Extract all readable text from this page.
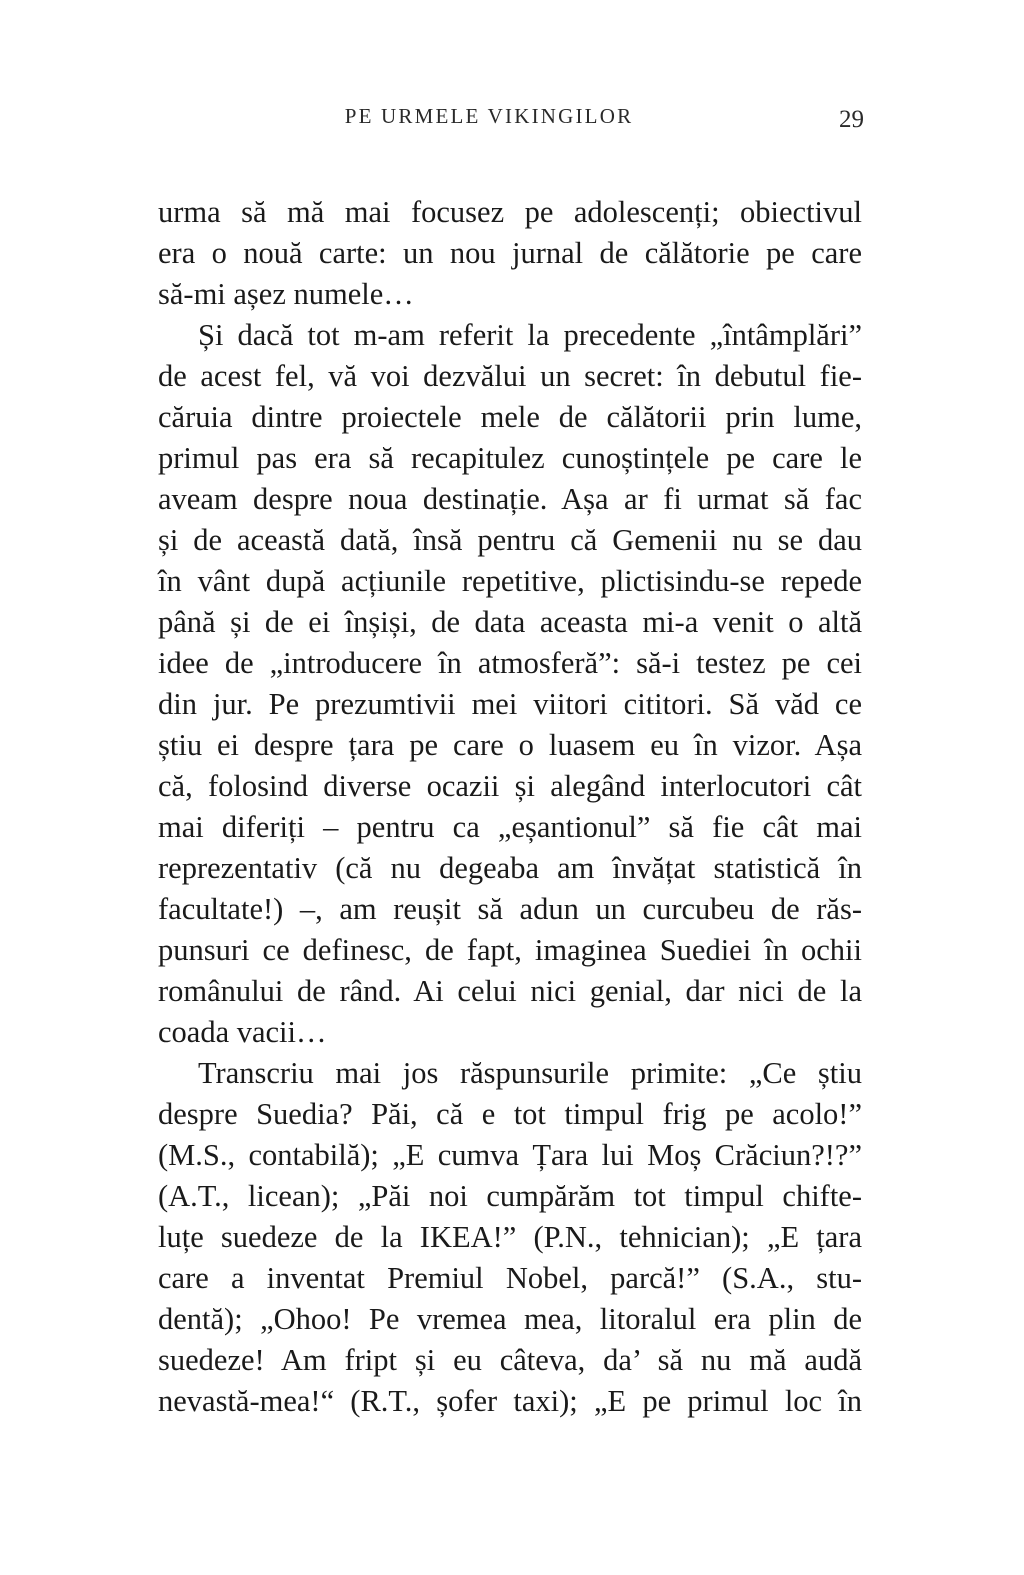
PE URMELE VIKINGILOR	29
urma să mă mai focusez pe adolescenți; obiectivul
era o nouă carte: un nou jurnal de călătorie pe care
să-mi așez numele…
Și dacă tot m-am referit la precedente „întâmplări”
de acest fel, vă voi dezvălui un secret: în debutul fie-
căruia dintre proiectele mele de călătorii prin lume,
primul pas era să recapitulez cunoștințele pe care le
aveam despre noua destinație. Așa ar fi urmat să fac
și de această dată, însă pentru că Gemenii nu se dau
în vânt după acțiunile repetitive, plictisindu-se repede
până și de ei înșiși, de data aceasta mi-a venit o altă
idee de „introducere în atmosferă”: să-i testez pe cei
din jur. Pe prezumtivii mei viitori cititori. Să văd ce
știu ei despre țara pe care o luasem eu în vizor. Așa
că, folosind diverse ocazii și alegând interlocutori cât
mai diferiți – pentru ca „eșantionul” să fie cât mai
reprezentativ (că nu degeaba am învățat statistică în
facultate!) –, am reușit să adun un curcubeu de răs-
punsuri ce definesc, de fapt, imaginea Suediei în ochii
românului de rând. Ai celui nici genial, dar nici de la
coada vacii…
Transcriu mai jos răspunsurile primite: „Ce știu
despre Suedia? Păi, că e tot timpul frig pe acolo!”
(M.S., contabilă); „E cumva Țara lui Moș Crăciun?!?”
(A.T., licean); „Păi noi cumpărăm tot timpul chifte-
luțe suedeze de la IKEA!” (P.N., tehnician); „E țara
care a inventat Premiul Nobel, parcă!” (S.A., stu-
dentă); „Ohoo! Pe vremea mea, litoralul era plin de
suedeze! Am fript și eu câteva, da’ să nu mă audă
nevastă-mea!“ (R.T., șofer taxi); „E pe primul loc în
